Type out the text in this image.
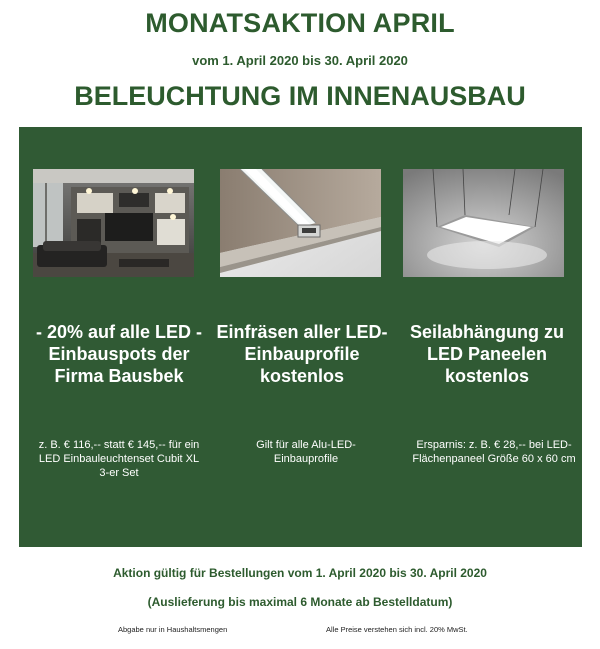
MONATSAKTION APRIL
vom 1. April 2020 bis 30. April 2020
BELEUCHTUNG IM INNENAUSBAU
- 20% auf alle LED - Einbauspots der Firma Bausbek
Einfräsen aller LED-Einbauprofile kostenlos
Seilabhängung zu LED Paneelen kostenlos
z. B. € 116,-- statt € 145,-- für ein LED Einbauleuchtenset Cubit XL 3-er Set
Gilt für alle Alu-LED-Einbauprofile
Ersparnis: z. B. € 28,-- bei LED-Flächenpaneel Größe 60 x 60 cm
Aktion gültig für Bestellungen vom 1. April 2020 bis 30. April 2020
(Auslieferung bis maximal 6 Monate ab Bestelldatum)
Abgabe nur in Haushaltsmengen	Alle Preise verstehen sich incl. 20% MwSt.
